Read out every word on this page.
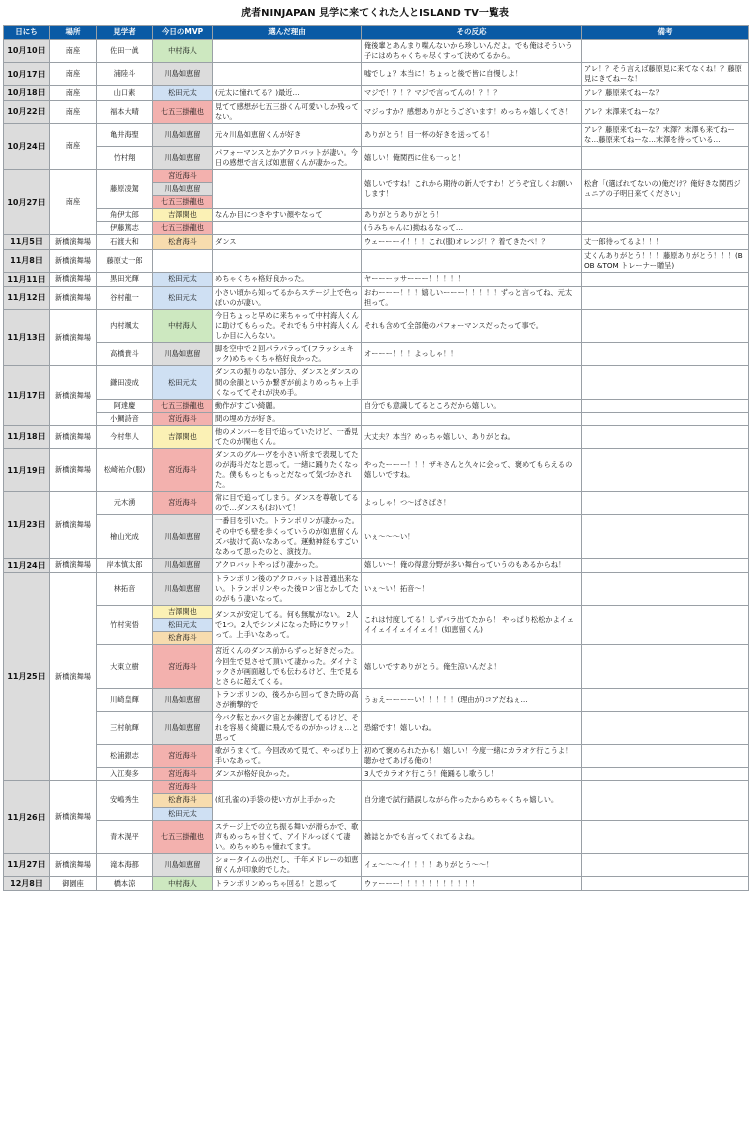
虎者NINJAPAN 見学に来てくれた人とISLAND TV一覧表
日にち	場所	見学者	今日のMVP	選んだ理由	その反応	備考
10月10日	南座	佐田一眞	中村海人		俺後輩とあんまり喋んないから珍しいんだよ。でも俺はそういう子にはめちゃくちゃ尽くすって決めてるから。	
10月17日	南座	浦陸斗	川島如恵留		嘘でしょ？本当に！ちょっと後で皆に自慢しよ！	アレ！？そう言えば藤原見に来てなくね！？藤原見にきてねーな！
10月18日	南座	山口素	松田元太	(元太に憧れてる？)最近…	マジで！？！？マジで言ってんの！？！？	アレ？藤原来てねーな？
10月22日	南座	福本大晴	七五三掛龍也	見てて感想が七五三掛くん可愛いしか残ってない。	マジっすか？感想ありがとうございます！めっちゃ嬉しくてさ！	アレ？末澤来てねーな？
10月24日	南座	亀井海聖	川島如恵留	元々川島如恵留くんが好き	ありがとう！目一杯の好きを送ってる！	アレ？藤原来てねーな？末澤？末澤も来てねーな…藤原来てねーな…末澤を待っている…
		竹村翔	川島如恵留	パフォーマンスとかアクロバットが凄い。今日の感想で言えば如恵留くんが凄かった。	嬉しい！俺関西に住も一っと！	
10月27日	南座	藤原凌駕	宮近海斗		嬉しいですね！これから期待の新人ですわ！どうぞ宜しくお願いします！	松倉「(選ばれてないの)俺だけ？俺好きな関西ジュニアの子明日来てください」
			川島如恵留			
			七五三掛龍也			
		角伊太郎	吉澤閑也	なんか目につきやすい顔やなって	ありがとうありがとう！	
		伊藤篤志	七五三掛龍也		(うみちゃんに)拗ねるなって…	
11月5日	新橋演舞場	石渡大和	松倉海斗	ダンス	ウェーーーイ！！！これ(服)オレンジ！？着てきたぺ！？	丈一郎待ってるよ！！！
11月8日	新橋演舞場	藤原丈一郎				丈くんありがとう！！！藤原ありがとう！！！(BOB &TOM トレーナー贈呈)
11月11日	新橋演舞場	黒田光輝	松田元太	めちゃくちゃ格好良かった。	ヤーーーッサーーー！！！！！	
11月12日	新橋演舞場	谷村龍一	松田元太	小さい頃から知ってるからステージ上で色っぽいのが凄い。	おわーーー！！！嬉しいーーー！！！！！ずっと言ってね、元太担って。	
11月13日	新橋演舞場	内村颯太	中村海人	今日ちょっと早めに来ちゃって中村海人くんに助けてもらった。それでもう中村海人くんしか目に入らない。	それも含めて全部俺のパフォーマンスだったって事で。	
		高橋貴斗	川島如恵留	脚を空中で２回パラパラって(フラッシュキック)めちゃくちゃ格好良かった。	オーーー！！！よっしゃ！！	
11月17日	新橋演舞場	鎌田凌成	松田元太	ダンスの振りのない部分、ダンスとダンスの間の余韻というか繋ぎが前よりめっちゃ上手くなっててそれが決め手。		
		阿達慶	七五三掛龍也	動作がすごい綺麗。	自分でも意識してるところだから嬉しい。	
		小鯛詩音	宮近海斗	間の埋め方が好き。		
11月18日	新橋演舞場	今村隼人	吉澤閑也	他のメンバーを目で追っていたけど、一番見てたのが閑也くん。	大丈夫？本当？めっちゃ嬉しい、ありがとね。	
11月19日	新橋演舞場	松崎祐介(服)	宮近海斗	ダンスのグルーヴを小さい所まで表現してたのが海斗だなと思って。一緒に踊りたくなった。僕ももっともっとだなって気づかされた。	やったーーー！！！ザキさんと久々に会って、褒めてもらえるの嬉しいですね。	
11月23日	新橋演舞場	元木湧	宮近海斗	常に目で追ってしまう。ダンスを尊敬してるので…ダンスも(お)いて！	よっしゃ！つ〜ばさばさ！	
		檜山光成	川島如恵留	一番目を引いた。トランポリンが凄かった。その中でも壁を歩くっていうのが如恵留くんズバ抜けて高いなあって。運動神経もすごいなあって思ったのと、演技力。	いぇ〜〜〜い！	
11月24日	新橋演舞場	岸本慎太郎	川島如恵留	アクロバットやっぱり凄かった。	嬉しい〜！俺の得意分野が多い舞台っていうのもあるからね！	
11月25日	新橋演舞場	林拓音	川島如恵留	トランポリン後のアクロバットは普通出来ない。トランポリンやった後ロン宙とかしてたのがもう凄いなって。	いぇ〜い！拓音〜！	
		竹村実悟	吉澤閑也	ダンスが安定してる。何も無駄がない。 2人で1つ。2人でシンメになった時にウワッ！って。上手いなあって。	これは忖度してる！しずバラ出てたから！ やっぱり松松かよイェイイェイイェイイェイ！(如恵留くん)	
			松田元太			
			松倉海斗			
		大東立樹	宮近海斗	宮近くんのダンス前からずっと好きだった。今回生で見させて頂いて凄かった。ダイナミックさが画面越しでも伝わるけど、生で見るとさらに超えてくる。	嬉しいですありがとう。俺生涼いんだよ！	
		川崎皇輝	川島如恵留	トランポリンの、後ろから回ってきた時の高さが衝撃的で	うぉえーーーーい！！！！！(理由が)コアだねぇ…	
		三村航輝	川島如恵留	今バク転とかバク宙とか練習してるけど、それを容易く綺麗に飛んでるのがかっけぇ…と思って	恐縮です！嬉しいね。	
		松浦銀志	宮近海斗	歌がうまくて。今回改めて見て、やっぱり上手いなあって。	初めて褒められたかも！嬉しい！今度一緒にカラオケ行こうよ！聴かせてあげる俺の！	
		入江奏多	宮近海斗	ダンスが格好良かった。	3人でカラオケ行こう！俺踊るし歌うし！	
11月26日	新橋演舞場	安嶋秀生	宮近海斗	(紅孔雀の)手袋の使い方が上手かった	自分達で試行錯誤しながら作ったからめちゃくちゃ嬉しい。	
			松倉海斗			
			松田元太			
		青木滉平	七五三掛龍也	ステージ上での立ち振る舞いが滑らかで、歌声もめっちゃ甘くて、アイドルっぽくて凄い。めちゃめちゃ憧れてます。	雑誌とかでも言ってくれてるよね。	
11月27日	新橋演舞場	滝本海都	川島如恵留	ショータイムの出だし、千年メドレーの如恵留くんが印象的でした。	イェ〜〜〜イ！！！！ありがとう〜〜！	
12月8日	御園座	橋本涼	中村海人	トランポリンめっちゃ回る！と思って	ウァーーー！！！！！！！！！！！	
